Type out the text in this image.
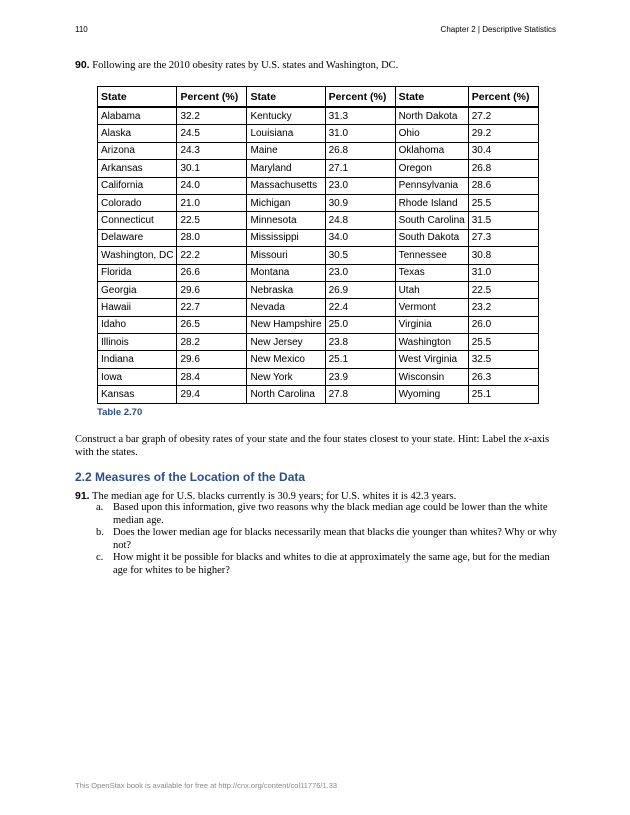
110	Chapter 2 | Descriptive Statistics
90. Following are the 2010 obesity rates by U.S. states and Washington, DC.
State	Percent (%)	State	Percent (%)	State	Percent (%)
Alabama	32.2	Kentucky	31.3	North Dakota	27.2
Alaska	24.5	Louisiana	31.0	Ohio	29.2
Arizona	24.3	Maine	26.8	Oklahoma	30.4
Arkansas	30.1	Maryland	27.1	Oregon	26.8
California	24.0	Massachusetts	23.0	Pennsylvania	28.6
Colorado	21.0	Michigan	30.9	Rhode Island	25.5
Connecticut	22.5	Minnesota	24.8	South Carolina	31.5
Delaware	28.0	Mississippi	34.0	South Dakota	27.3
Washington, DC	22.2	Missouri	30.5	Tennessee	30.8
Florida	26.6	Montana	23.0	Texas	31.0
Georgia	29.6	Nebraska	26.9	Utah	22.5
Hawaii	22.7	Nevada	22.4	Vermont	23.2
Idaho	26.5	New Hampshire	25.0	Virginia	26.0
Illinois	28.2	New Jersey	23.8	Washington	25.5
Indiana	29.6	New Mexico	25.1	West Virginia	32.5
Iowa	28.4	New York	23.9	Wisconsin	26.3
Kansas	29.4	North Carolina	27.8	Wyoming	25.1
Table 2.70
Construct a bar graph of obesity rates of your state and the four states closest to your state. Hint: Label the x-axis with the states.
2.2 Measures of the Location of the Data
91. The median age for U.S. blacks currently is 30.9 years; for U.S. whites it is 42.3 years.
a. Based upon this information, give two reasons why the black median age could be lower than the white median age.
b. Does the lower median age for blacks necessarily mean that blacks die younger than whites? Why or why not?
c. How might it be possible for blacks and whites to die at approximately the same age, but for the median age for whites to be higher?
This OpenStax book is available for free at http://cnx.org/content/col11776/1.33
